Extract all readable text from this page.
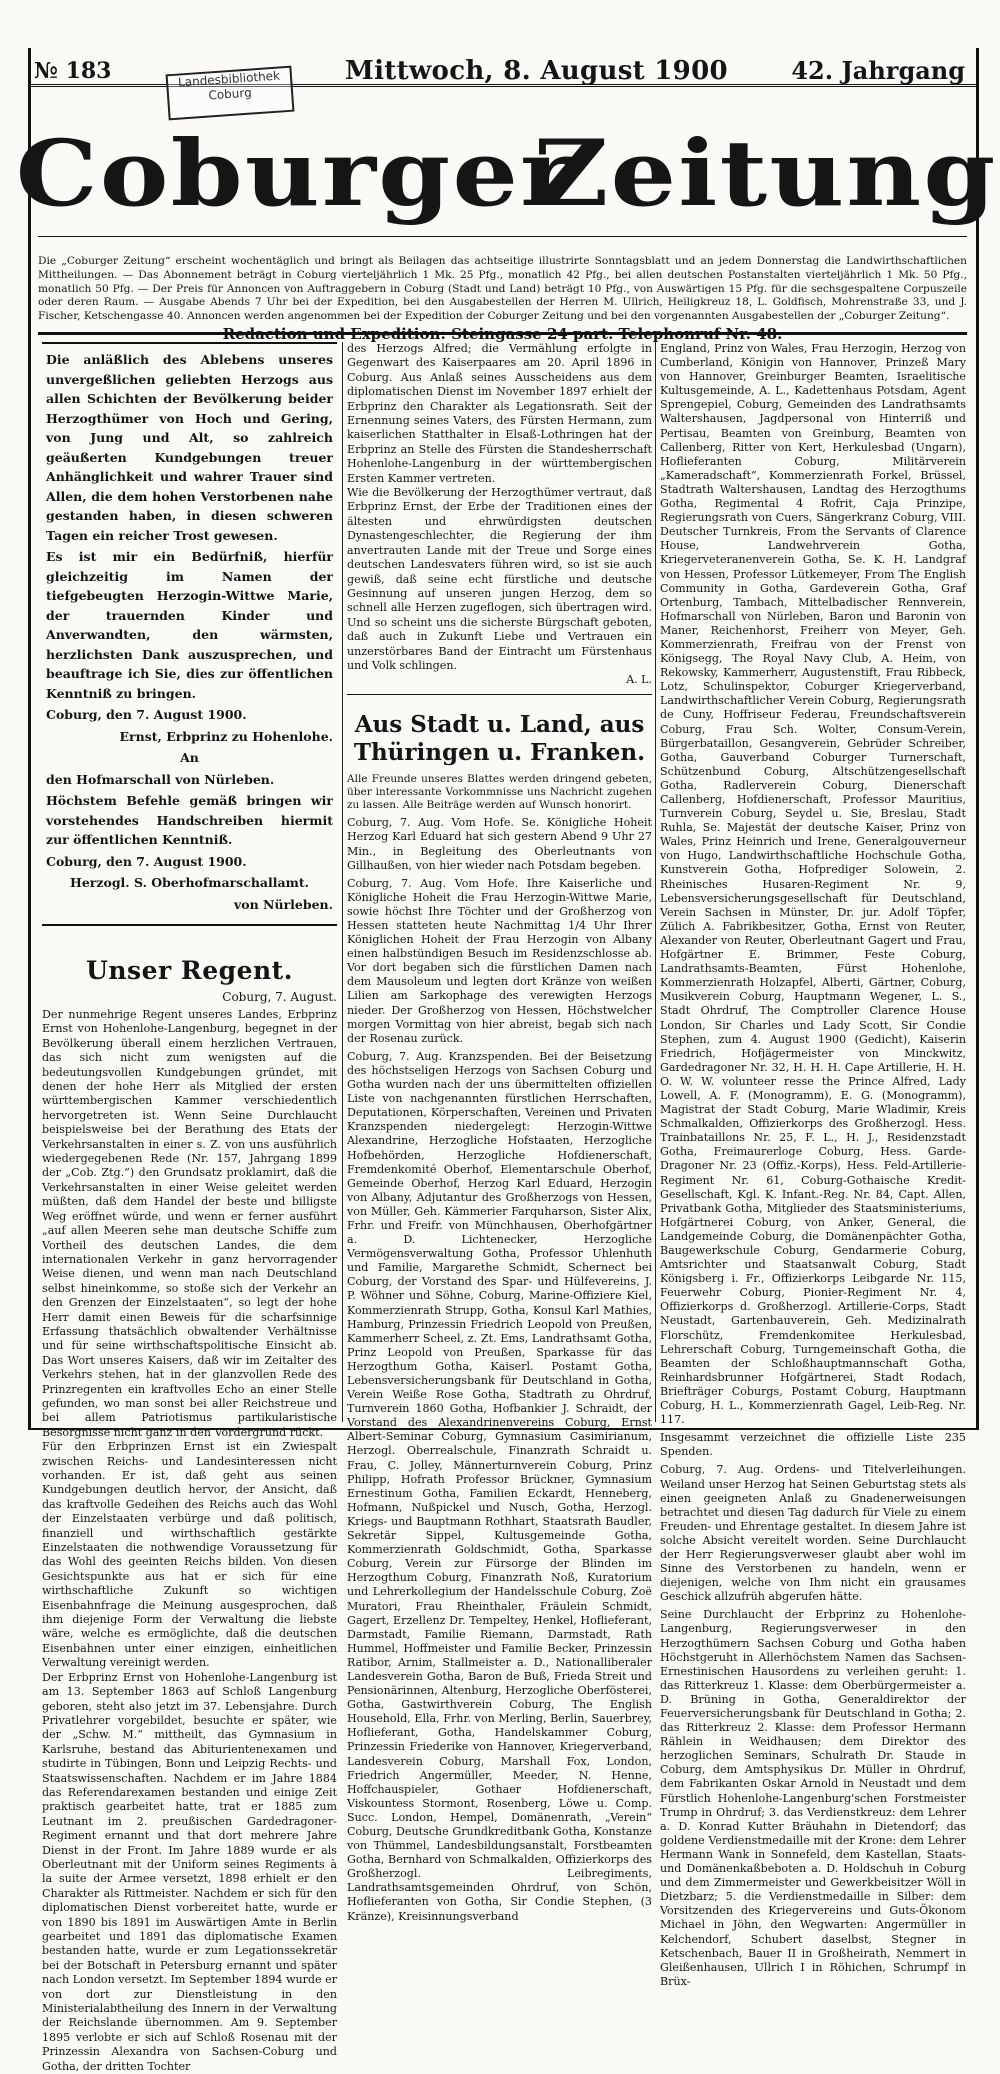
№ 183	Mittwoch, 8. August 1900	42. Jahrgang
Landesbibliothek
Coburg
Coburger
Zeitung

Die „Coburger Zeitung“ erscheint wochentäglich und bringt als Beilagen das achtseitige illustrirte Sonntagsblatt und an jedem Donnerstag die Landwirthschaftlichen Mittheilungen. — Das Abonnement beträgt in Coburg vierteljährlich 1 Mk. 25 Pfg., monatlich 42 Pfg., bei allen deutschen Postanstalten vierteljährlich 1 Mk. 50 Pfg., monatlich 50 Pfg. — Der Preis für Annoncen von Auftraggebern in Coburg (Stadt und Land) beträgt 10 Pfg., von Auswärtigen 15 Pfg. für die sechsgespaltene Corpuszeile oder deren Raum. — Ausgabe Abends 7 Uhr bei der Expedition, bei den Ausgabestellen der Herren M. Ullrich, Heiligkreuz 18, L. Goldfisch, Mohrenstraße 33, und J. Fischer, Ketschengasse 40. Annoncen werden angenommen bei der Expedition der Coburger Zeitung und bei den vorgenannten Ausgabestellen der „Coburger Zeitung“.

Redaction und Expedition: Steingasse 24 part. Telephonruf Nr. 48.

Die anläßlich des Ablebens unseres unvergeßlichen geliebten Herzogs aus allen Schichten der Bevölkerung beider Herzogthümer von Hoch und Gering, von Jung und Alt, so zahlreich geäußerten Kundgebungen treuer Anhänglichkeit und wahrer Trauer sind Allen, die dem hohen Verstorbenen nahe gestanden haben, in diesen schweren Tagen ein reicher Trost gewesen.

Es ist mir ein Bedürfniß, hierfür gleichzeitig im Namen der tiefgebeugten Herzogin-Wittwe Marie, der trauernden Kinder und Anverwandten, den wärmsten, herzlichsten Dank auszusprechen, und beauftrage ich Sie, dies zur öffentlichen Kenntniß zu bringen.

Coburg, den 7. August 1900.

Ernst, Erbprinz zu Hohenlohe.

An

den Hofmarschall von Nürleben.

Höchstem Befehle gemäß bringen wir vorstehendes Handschreiben hiermit zur öffentlichen Kenntniß.

Coburg, den 7. August 1900.

Herzogl. S. Oberhofmarschallamt.

von Nürleben.

Unser Regent.

Coburg, 7. August.

Der nunmehrige Regent unseres Landes, Erbprinz Ernst von Hohenlohe-Langenburg, begegnet in der Bevölkerung überall einem herzlichen Vertrauen, das sich nicht zum wenigsten auf die bedeutungsvollen Kundgebungen gründet, mit denen der hohe Herr als Mitglied der ersten württembergischen Kammer verschiedentlich hervorgetreten ist. Wenn Seine Durchlaucht beispielsweise bei der Berathung des Etats der Verkehrsanstalten in einer s. Z. von uns ausführlich wiedergegebenen Rede (Nr. 157, Jahrgang 1899 der „Cob. Ztg.“) den Grundsatz proklamirt, daß die Verkehrsanstalten in einer Weise geleitet werden müßten, daß dem Handel der beste und billigste Weg eröffnet würde, und wenn er ferner ausführt „auf allen Meeren sehe man deutsche Schiffe zum Vortheil des deutschen Landes, die dem internationalen Verkehr in ganz hervorragender Weise dienen, und wenn man nach Deutschland selbst hineinkomme, so stoße sich der Verkehr an den Grenzen der Einzelstaaten“, so legt der hohe Herr damit einen Beweis für die scharfsinnige Erfassung thatsächlich obwaltender Verhältnisse und für seine wirthschaftspolitische Einsicht ab. Das Wort unseres Kaisers, daß wir im Zeitalter des Verkehrs stehen, hat in der glanzvollen Rede des Prinzregenten ein kraftvolles Echo an einer Stelle gefunden, wo man sonst bei aller Reichstreue und bei allem Patriotismus partikularistische Besorgnisse nicht ganz in den Vordergrund rückt.

Für den Erbprinzen Ernst ist ein Zwiespalt zwischen Reichs- und Landesinteressen nicht vorhanden. Er ist, daß geht aus seinen Kundgebungen deutlich hervor, der Ansicht, daß das kraftvolle Gedeihen des Reichs auch das Wohl der Einzelstaaten verbürge und daß politisch, finanziell und wirthschaftlich gestärkte Einzelstaaten die nothwendige Voraussetzung für das Wohl des geeinten Reichs bilden. Von diesen Gesichtspunkte aus hat er sich für eine wirthschaftliche Zukunft so wichtigen Eisenbahnfrage die Meinung ausgesprochen, daß ihm diejenige Form der Verwaltung die liebste wäre, welche es ermöglichte, daß die deutschen Eisenbahnen unter einer einzigen, einheitlichen Verwaltung vereinigt werden.

Der Erbprinz Ernst von Hohenlohe-Langenburg ist am 13. September 1863 auf Schloß Langenburg geboren, steht also jetzt im 37. Lebensjahre. Durch Privatlehrer vorgebildet, besuchte er später, wie der „Schw. M.“ mittheilt, das Gymnasium in Karlsruhe, bestand das Abiturientenexamen und studirte in Tübingen, Bonn und Leipzig Rechts- und Staatswissenschaften. Nachdem er im Jahre 1884 das Referendarexamen bestanden und einige Zeit praktisch gearbeitet hatte, trat er 1885 zum Leutnant im 2. preußischen Gardedragoner-Regiment ernannt und that dort mehrere Jahre Dienst in der Front. Im Jahre 1889 wurde er als Oberleutnant mit der Uniform seines Regiments à la suite der Armee versetzt, 1898 erhielt er den Charakter als Rittmeister. Nachdem er sich für den diplomatischen Dienst vorbereitet hatte, wurde er von 1890 bis 1891 im Auswärtigen Amte in Berlin gearbeitet und 1891 das diplomatische Examen bestanden hatte, wurde er zum Legationssekretär bei der Botschaft in Petersburg ernannt und später nach London versetzt. Im September 1894 wurde er von dort zur Dienstleistung in den Ministerialabtheilung des Innern in der Verwaltung der Reichslande übernommen. Am 9. September 1895 verlobte er sich auf Schloß Rosenau mit der Prinzessin Alexandra von Sachsen-Coburg und Gotha, der dritten Tochter

des Herzogs Alfred; die Vermählung erfolgte in Gegenwart des Kaiserpaares am 20. April 1896 in Coburg. Aus Anlaß seines Ausscheidens aus dem diplomatischen Dienst im November 1897 erhielt der Erbprinz den Charakter als Legationsrath. Seit der Ernennung seines Vaters, des Fürsten Hermann, zum kaiserlichen Statthalter in Elsaß-Lothringen hat der Erbprinz an Stelle des Fürsten die Standesherrschaft Hohenlohe-Langenburg in der württembergischen Ersten Kammer vertreten.

Wie die Bevölkerung der Herzogthümer vertraut, daß Erbprinz Ernst, der Erbe der Traditionen eines der ältesten und ehrwürdigsten deutschen Dynastengeschlechter, die Regierung der ihm anvertrauten Lande mit der Treue und Sorge eines deutschen Landesvaters führen wird, so ist sie auch gewiß, daß seine echt fürstliche und deutsche Gesinnung auf unseren jungen Herzog, dem so schnell alle Herzen zugeflogen, sich übertragen wird. Und so scheint uns die sicherste Bürgschaft geboten, daß auch in Zukunft Liebe und Vertrauen ein unzerstörbares Band der Eintracht um Fürstenhaus und Volk schlingen.

A. L.

Aus Stadt u. Land, aus Thüringen u. Franken.

Alle Freunde unseres Blattes werden dringend gebeten, über interessante Vorkommnisse uns Nachricht zugehen zu lassen. Alle Beiträge werden auf Wunsch honorirt.

Coburg, 7. Aug. Vom Hofe. Se. Königliche Hoheit Herzog Karl Eduard hat sich gestern Abend 9 Uhr 27 Min., in Begleitung des Oberleutnants von Gillhaußen, von hier wieder nach Potsdam begeben.

Coburg, 7. Aug. Vom Hofe. Ihre Kaiserliche und Königliche Hoheit die Frau Herzogin-Wittwe Marie, sowie höchst Ihre Töchter und der Großherzog von Hessen statteten heute Nachmittag 1/4 Uhr Ihrer Königlichen Hoheit der Frau Herzogin von Albany einen halbstündigen Besuch im Residenzschlosse ab. Vor dort begaben sich die fürstlichen Damen nach dem Mausoleum und legten dort Kränze von weißen Lilien am Sarkophage des verewigten Herzogs nieder. Der Großherzog von Hessen, Höchstwelcher morgen Vormittag von hier abreist, begab sich nach der Rosenau zurück.

Coburg, 7. Aug. Kranzspenden. Bei der Beisetzung des höchstseligen Herzogs von Sachsen Coburg und Gotha wurden nach der uns übermittelten offiziellen Liste von nachgenannten fürstlichen Herrschaften, Deputationen, Körperschaften, Vereinen und Privaten Kranzspenden niedergelegt: Herzogin-Wittwe Alexandrine, Herzogliche Hofstaaten, Herzogliche Hofbehörden, Herzogliche Hofdienerschaft, Fremdenkomité Oberhof, Elementarschule Oberhof, Gemeinde Oberhof, Herzog Karl Eduard, Herzogin von Albany, Adjutantur des Großherzogs von Hessen, von Müller, Geh. Kämmerier Farquharson, Sister Alix, Frhr. und Freifr. von Münchhausen, Oberhofgärtner a. D. Lichtenecker, Herzogliche Vermögensverwaltung Gotha, Professor Uhlenhuth und Familie, Margarethe Schmidt, Schernect bei Coburg, der Vorstand des Spar- und Hülfevereins, J. P. Wöhner und Söhne, Coburg, Marine-Offiziere Kiel, Kommerzienrath Strupp, Gotha, Konsul Karl Mathies, Hamburg, Prinzessin Friedrich Leopold von Preußen, Kammerherr Scheel, z. Zt. Ems, Landrathsamt Gotha, Prinz Leopold von Preußen, Sparkasse für das Herzogthum Gotha, Kaiserl. Postamt Gotha, Lebensversicherungsbank für Deutschland in Gotha, Verein Weiße Rose Gotha, Stadtrath zu Ohrdruf, Turnverein 1860 Gotha, Hofbankier J. Schraidt, der Vorstand des Alexandrinenvereins Coburg, Ernst Albert-Seminar Coburg, Gymnasium Casimirianum, Herzogl. Oberrealschule, Finanzrath Schraidt u. Frau, C. Jolley, Männerturnverein Coburg, Prinz Philipp, Hofrath Professor Brückner, Gymnasium Ernestinum Gotha, Familien Eckardt, Henneberg, Hofmann, Nußpickel und Nusch, Gotha, Herzogl. Kriegs- und Bauptmann Rothhart, Staatsrath Baudler, Sekretär Sippel, Kultusgemeinde Gotha, Kommerzienrath Goldschmidt, Gotha, Sparkasse Coburg, Verein zur Fürsorge der Blinden im Herzogthum Coburg, Finanzrath Noß, Kuratorium und Lehrerkollegium der Handelsschule Coburg, Zoë Muratori, Frau Rheinthaler, Fräulein Schmidt, Gagert, Erzellenz Dr. Tempeltey, Henkel, Hoflieferant, Darmstadt, Familie Riemann, Darmstadt, Rath Hummel, Hoffmeister und Familie Becker, Prinzessin Ratibor, Arnim, Stallmeister a. D., Nationalliberaler Landesverein Gotha, Baron de Buß, Frieda Streit und Pensionärinnen, Altenburg, Herzogliche Oberfösterei, Gotha, Gastwirthverein Coburg, The English Household, Ella, Frhr. von Merling, Berlin, Sauerbrey, Hoflieferant, Gotha, Handelskammer Coburg, Prinzessin Friederike von Hannover, Kriegerverband, Landesverein Coburg, Marshall Fox, London, Friedrich Angermüller, Meeder, N. Henne, Hoffchauspieler, Gothaer Hofdienerschaft, Viskountess Stormont, Rosenberg, Löwe u. Comp. Succ. London, Hempel, Domänenrath, „Verein“ Coburg, Deutsche Grundkreditbank Gotha, Konstanze von Thümmel, Landesbildungsanstalt, Forstbeamten Gotha, Bernhard von Schmalkalden, Offizierkorps des Großherzogl. Leibregiments, Landrathsamtsgemeinden Ohrdruf, von Schön, Hoflieferanten von Gotha, Sir Condie Stephen, (3 Kränze), Kreisinnungsverband

England, Prinz von Wales, Frau Herzogin, Herzog von Cumberland, Königin von Hannover, Prinzeß Mary von Hannover, Greinburger Beamten, Israelitische Kultusgemeinde, A. L., Kadettenhaus Potsdam, Agent Sprengepiel, Coburg, Gemeinden des Landrathsamts Waltershausen, Jagdpersonal von Hinterriß und Pertisau, Beamten von Greinburg, Beamten von Callenberg, Ritter von Kert, Herkulesbad (Ungarn), Hoflieferanten Coburg, Militärverein „Kameradschaft“, Kommerzienrath Forkel, Brüssel, Stadtrath Waltershausen, Landtag des Herzogthums Gotha, Regimental 4 Rofrit, Caja Prinzipe, Regierungsrath von Cuers, Sängerkranz Coburg, VIII. Deutscher Turnkreis, From the Servants of Clarence House, Landwehrverein Gotha, Kriegerveteranenverein Gotha, Se. K. H. Landgraf von Hessen, Professor Lütkemeyer, From The English Community in Gotha, Gardeverein Gotha, Graf Ortenburg, Tambach, Mittelbadischer Rennverein, Hofmarschall von Nürleben, Baron und Baronin von Maner, Reichenhorst, Freiherr von Meyer, Geh. Kommerzienrath, Freifrau von der Frenst von Königsegg, The Royal Navy Club, A. Heim, von Rekowsky, Kammerherr, Augustenstift, Frau Ribbeck, Lotz, Schulinspektor, Coburger Kriegerverband, Landwirthschaftlicher Verein Coburg, Regierungsrath de Cuny, Hoffriseur Federau, Freundschaftsverein Coburg, Frau Sch. Wolter, Consum-Verein, Bürgerbataillon, Gesangverein, Gebrüder Schreiber, Gotha, Gauverband Coburger Turnerschaft, Schützenbund Coburg, Altschützengesellschaft Gotha, Radlerverein Coburg, Dienerschaft Callenberg, Hofdienerschaft, Professor Mauritius, Turnverein Coburg, Seydel u. Sie, Breslau, Stadt Ruhla, Se. Majestät der deutsche Kaiser, Prinz von Wales, Prinz Heinrich und Irene, Generalgouverneur von Hugo, Landwirthschaftliche Hochschule Gotha, Kunstverein Gotha, Hofprediger Solowein, 2. Rheinisches Husaren-Regiment Nr. 9, Lebensversicherungsgesellschaft für Deutschland, Verein Sachsen in Münster, Dr. jur. Adolf Töpfer, Zülich A. Fabrikbesitzer, Gotha, Ernst von Reuter, Alexander von Reuter, Oberleutnant Gagert und Frau, Hofgärtner E. Brimmer, Feste Coburg, Landrathsamts-Beamten, Fürst Hohenlohe, Kommerzienrath Holzapfel, Alberti, Gärtner, Coburg, Musikverein Coburg, Hauptmann Wegener, L. S., Stadt Ohrdruf, The Comptroller Clarence House London, Sir Charles und Lady Scott, Sir Condie Stephen, zum 4. August 1900 (Gedicht), Kaiserin Friedrich, Hofjägermeister von Minckwitz, Gardedragoner Nr. 32, H. H. H. Cape Artillerie, H. H. O. W. W. volunteer resse the Prince Alfred, Lady Lowell, A. F. (Monogramm), E. G. (Monogramm), Magistrat der Stadt Coburg, Marie Wladimir, Kreis Schmalkalden, Offizierkorps des Großherzogl. Hess. Trainbataillons Nr. 25, F. L., H. J., Residenzstadt Gotha, Freimaurerloge Coburg, Hess. Garde-Dragoner Nr. 23 (Offiz.-Korps), Hess. Feld-Artillerie-Regiment Nr. 61, Coburg-Gothaische Kredit-Gesellschaft, Kgl. K. Infant.-Reg. Nr. 84, Capt. Allen, Privatbank Gotha, Mitglieder des Staatsministeriums, Hofgärtnerei Coburg, von Anker, General, die Landgemeinde Coburg, die Domänenpächter Gotha, Baugewerkschule Coburg, Gendarmerie Coburg, Amtsrichter und Staatsanwalt Coburg, Stadt Königsberg i. Fr., Offizierkorps Leibgarde Nr. 115, Feuerwehr Coburg, Pionier-Regiment Nr. 4, Offizierkorps d. Großherzogl. Artillerie-Corps, Stadt Neustadt, Gartenbauverein, Geh. Medizinalrath Florschütz, Fremdenkomitee Herkulesbad, Lehrerschaft Coburg, Turngemeinschaft Gotha, die Beamten der Schloßhauptmannschaft Gotha, Reinhardsbrunner Hofgärtnerei, Stadt Rodach, Briefträger Coburgs, Postamt Coburg, Hauptmann Coburg, H. L., Kommerzienrath Gagel, Leib-Reg. Nr. 117.

Insgesammt verzeichnet die offizielle Liste 235 Spenden.

Coburg, 7. Aug. Ordens- und Titelverleihungen. Weiland unser Herzog hat Seinen Geburtstag stets als einen geeigneten Anlaß zu Gnadenerweisungen betrachtet und diesen Tag dadurch für Viele zu einem Freuden- und Ehrentage gestaltet. In diesem Jahre ist solche Absicht vereitelt worden. Seine Durchlaucht der Herr Regierungsverweser glaubt aber wohl im Sinne des Verstorbenen zu handeln, wenn er diejenigen, welche von Ihm nicht ein grausames Geschick allzufrüh abgerufen hätte.

Seine Durchlaucht der Erbprinz zu Hohenlohe-Langenburg, Regierungsverweser in den Herzogthümern Sachsen Coburg und Gotha haben Höchstgeruht in Allerhöchstem Namen das Sachsen-Ernestinischen Hausordens zu verleihen geruht: 1. das Ritterkreuz 1. Klasse: dem Oberbürgermeister a. D. Brüning in Gotha, Generaldirektor der Feuerversicherungsbank für Deutschland in Gotha; 2. das Ritterkreuz 2. Klasse: dem Professor Hermann Rählein in Weidhausen; dem Direktor des herzoglichen Seminars, Schulrath Dr. Staude in Coburg, dem Amtsphysikus Dr. Müller in Ohrdruf, dem Fabrikanten Oskar Arnold in Neustadt und dem Fürstlich Hohenlohe-Langenburg'schen Forstmeister Trump in Ohrdruf; 3. das Verdienstkreuz: dem Lehrer a. D. Konrad Kutter Bräuhahn in Dietendorf; das goldene Verdienstmedaille mit der Krone: dem Lehrer Hermann Wank in Sonnefeld, dem Kastellan, Staats- und Domänenkaßbeboten a. D. Holdschuh in Coburg und dem Zimmermeister und Gewerkbeisitzer Wöll in Dietzbarz; 5. die Verdienstmedaille in Silber: dem Vorsitzenden des Kriegervereins und Guts-Ökonom Michael in Jöhn, den Wegwarten: Angermüller in Kelchendorf, Schubert daselbst, Stegner in Ketschenbach, Bauer II in Großheirath, Nemmert in Gleißenhausen, Ullrich I in Röhichen, Schrumpf in Brüx-
